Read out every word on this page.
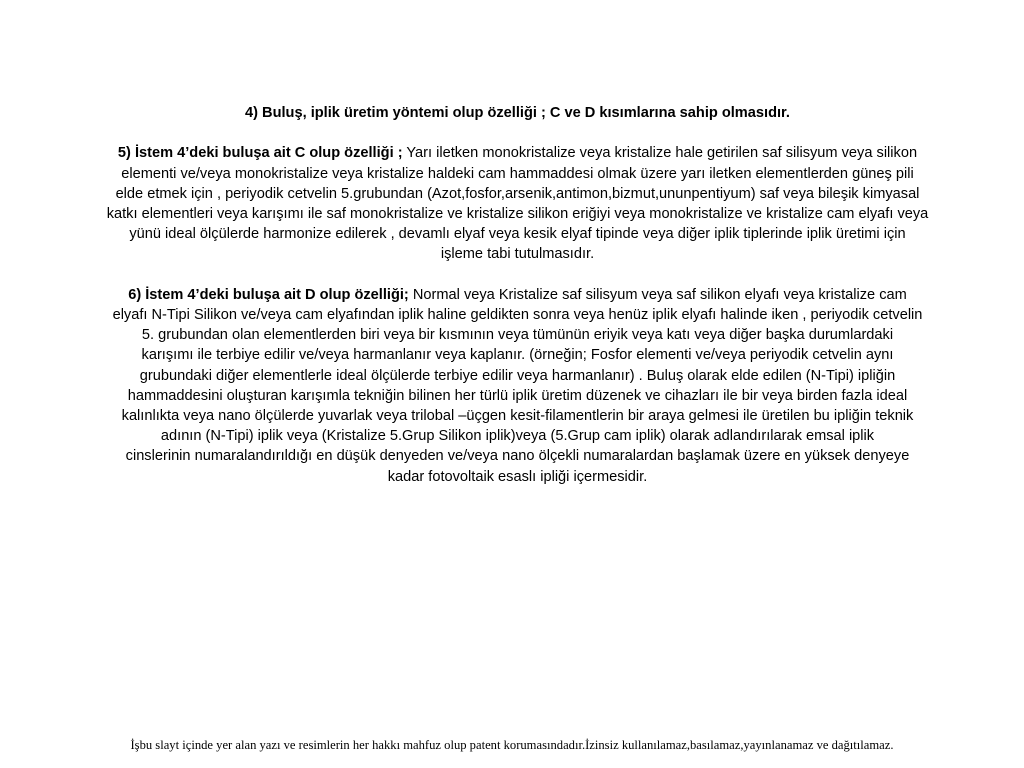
4) Buluş, iplik üretim yöntemi olup özelliği ; C ve D kısımlarına sahip olmasıdır.

5) İstem 4’deki buluşa ait C olup özelliği ; Yarı iletken monokristalize veya kristalize hale getirilen saf silisyum veya silikon
elementi ve/veya monokristalize veya kristalize haldeki cam hammaddesi olmak üzere yarı iletken elementlerden güneş pili
elde etmek için , periyodik cetvelin 5.grubundan (Azot,fosfor,arsenik,antimon,bizmut,ununpentiyum) saf veya bileşik kimyasal
katkı elementleri veya karışımı ile saf monokristalize ve kristalize silikon eriğiyi veya monokristalize ve kristalize cam elyafı veya
yünü ideal ölçülerde harmonize edilerek , devamlı elyaf veya kesik elyaf tipinde veya diğer iplik tiplerinde iplik üretimi için
işleme tabi tutulmasıdır.

6) İstem 4’deki buluşa ait D olup özelliği; Normal veya Kristalize saf silisyum veya saf silikon elyafı veya kristalize cam
elyafı N-Tipi Silikon ve/veya cam elyafından iplik haline geldikten sonra veya henüz iplik elyafı halinde iken , periyodik cetvelin
5. grubundan olan elementlerden biri veya bir kısmının veya tümünün eriyik veya katı veya diğer başka durumlardaki
karışımı ile terbiye edilir ve/veya harmanlanır veya kaplanır. (örneğin; Fosfor elementi ve/veya periyodik cetvelin aynı
grubundaki diğer elementlerle ideal ölçülerde terbiye edilir veya harmanlanır) . Buluş olarak elde edilen (N-Tipi) ipliğin
hammaddesini oluşturan karışımla tekniğin bilinen her türlü iplik üretim düzenek ve cihazları ile bir veya birden fazla ideal
kalınlıkta veya nano ölçülerde yuvarlak veya trilobal –üçgen kesit-filamentlerin bir araya gelmesi ile üretilen bu ipliğin teknik
adının (N-Tipi) iplik veya (Kristalize 5.Grup Silikon iplik)veya (5.Grup cam iplik) olarak adlandırılarak emsal iplik
cinslerinin numaralandırıldığı en düşük denyeden ve/veya nano ölçekli numaralardan başlamak üzere en yüksek denyeye
kadar fotovoltaik esaslı ipliği içermesidir.

İşbu slayt içinde yer alan yazı ve resimlerin her hakkı mahfuz olup patent korumasındadır.İzinsiz kullanılamaz,basılamaz,yayınlanamaz ve dağıtılamaz.
